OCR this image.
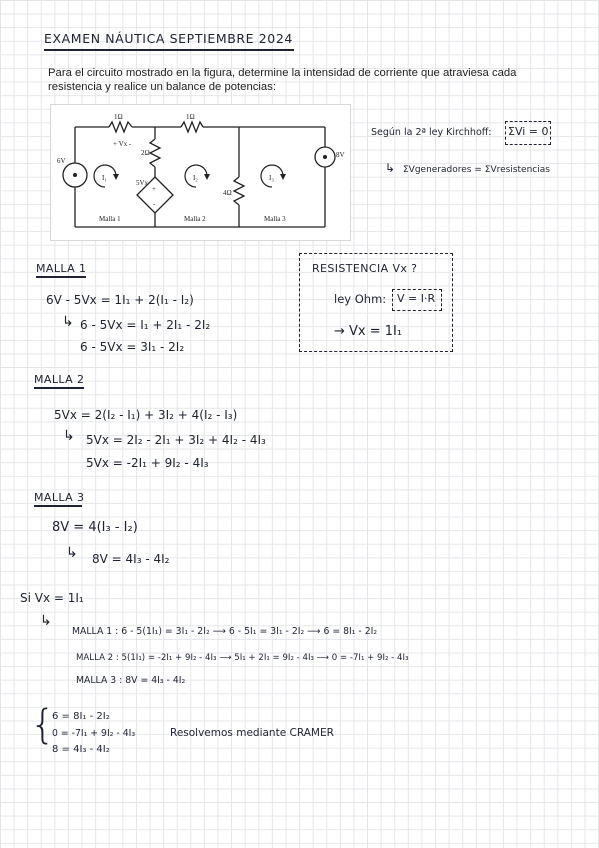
EXAMEN NÁUTICA SEPTIEMBRE 2024
Para el circuito mostrado en la figura, determine la intensidad de corriente que atraviesa cada resistencia y realice un balance de potencias:
1Ω
+ Vx -
1Ω
2Ω
4Ω
6V
8V
5Vx
+
-
I₁	I₂	I₃
Malla 1	Malla 2	Malla 3
Según la 2ª ley Kirchhoff: ΣVi = 0
↳ ΣVgeneradores = ΣVresistencias
MALLA 1
6V - 5Vx = 1I₁ + 2(I₁ - I₂)
↳ 6 - 5Vx = I₁ + 2I₁ - 2I₂
6 - 5Vx = 3I₁ - 2I₂
RESISTENCIA Vx ?
ley Ohm: V = I·R
→ Vx = 1I₁
MALLA 2
5Vx = 2(I₂ - I₁) + 3I₂ + 4(I₂ - I₃)
↳ 5Vx = 2I₂ - 2I₁ + 3I₂ + 4I₂ - 4I₃
5Vx = -2I₁ + 9I₂ - 4I₃
MALLA 3
8V = 4(I₃ - I₂)
↳ 8V = 4I₃ - 4I₂
Si Vx = 1I₁
↳
MALLA 1 : 6 - 5(1I₁) = 3I₁ - 2I₂ ⟶ 6 - 5I₁ = 3I₁ - 2I₂ ⟶ 6 = 8I₁ - 2I₂
MALLA 2 : 5(1I₁) = -2I₁ + 9I₂ - 4I₃ ⟶ 5I₁ + 2I₁ = 9I₂ - 4I₃ ⟶ 0 = -7I₁ + 9I₂ - 4I₃
MALLA 3 : 8V = 4I₃ - 4I₂
{
6 = 8I₁ - 2I₂
0 = -7I₁ + 9I₂ - 4I₃
8 = 4I₃ - 4I₂
Resolvemos mediante CRAMER
